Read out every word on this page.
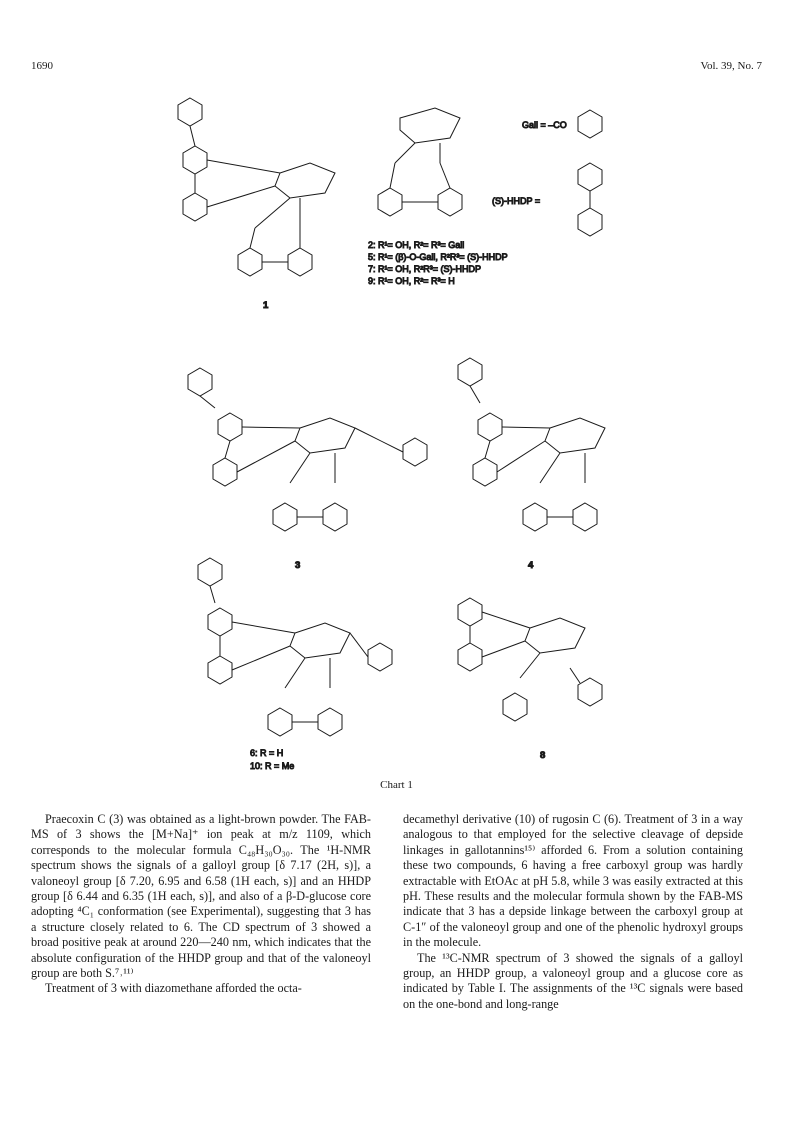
1690	Vol. 39, No. 7
1
3	4
8
6: R = H
10: R = Me
2: R¹= OH, R²= R³= Gall
5: R¹= (β)-O-Gall, R²R³= (S)-HHDP
7: R¹= OH, R²R³= (S)-HHDP
9: R¹= OH, R²= R³= H
Gall = –CO
(S)-HHDP =
Chart 1

Praecoxin C (3) was obtained as a light-brown powder. The FAB-MS of 3 shows the [M+Na]⁺ ion peak at m/z 1109, which corresponds to the molecular formula C₄₈H₃₀O₃₀. The ¹H-NMR spectrum shows the signals of a galloyl group [δ 7.17 (2H, s)], a valoneoyl group [δ 7.20, 6.95 and 6.58 (1H each, s)] and an HHDP group [δ 6.44 and 6.35 (1H each, s)], and also of a β-D-glucose core adopting ⁴C₁ conformation (see Experimental), suggesting that 3 has a structure closely related to 6. The CD spectrum of 3 showed a broad positive peak at around 220—240 nm, which indicates that the absolute configuration of the HHDP group and that of the valoneoyl group are both S.⁷˒¹¹⁾

Treatment of 3 with diazomethane afforded the octa-

decamethyl derivative (10) of rugosin C (6). Treatment of 3 in a way analogous to that employed for the selective cleavage of depside linkages in gallotannins¹⁵⁾ afforded 6. From a solution containing these two compounds, 6 having a free carboxyl group was hardly extractable with EtOAc at pH 5.8, while 3 was easily extracted at this pH. These results and the molecular formula shown by the FAB-MS indicate that 3 has a depside linkage between the carboxyl group at C-1″ of the valoneoyl group and one of the phenolic hydroxyl groups in the molecule.

The ¹³C-NMR spectrum of 3 showed the signals of a galloyl group, an HHDP group, a valoneoyl group and a glucose core as indicated by Table I. The assignments of the ¹³C signals were based on the one-bond and long-range
